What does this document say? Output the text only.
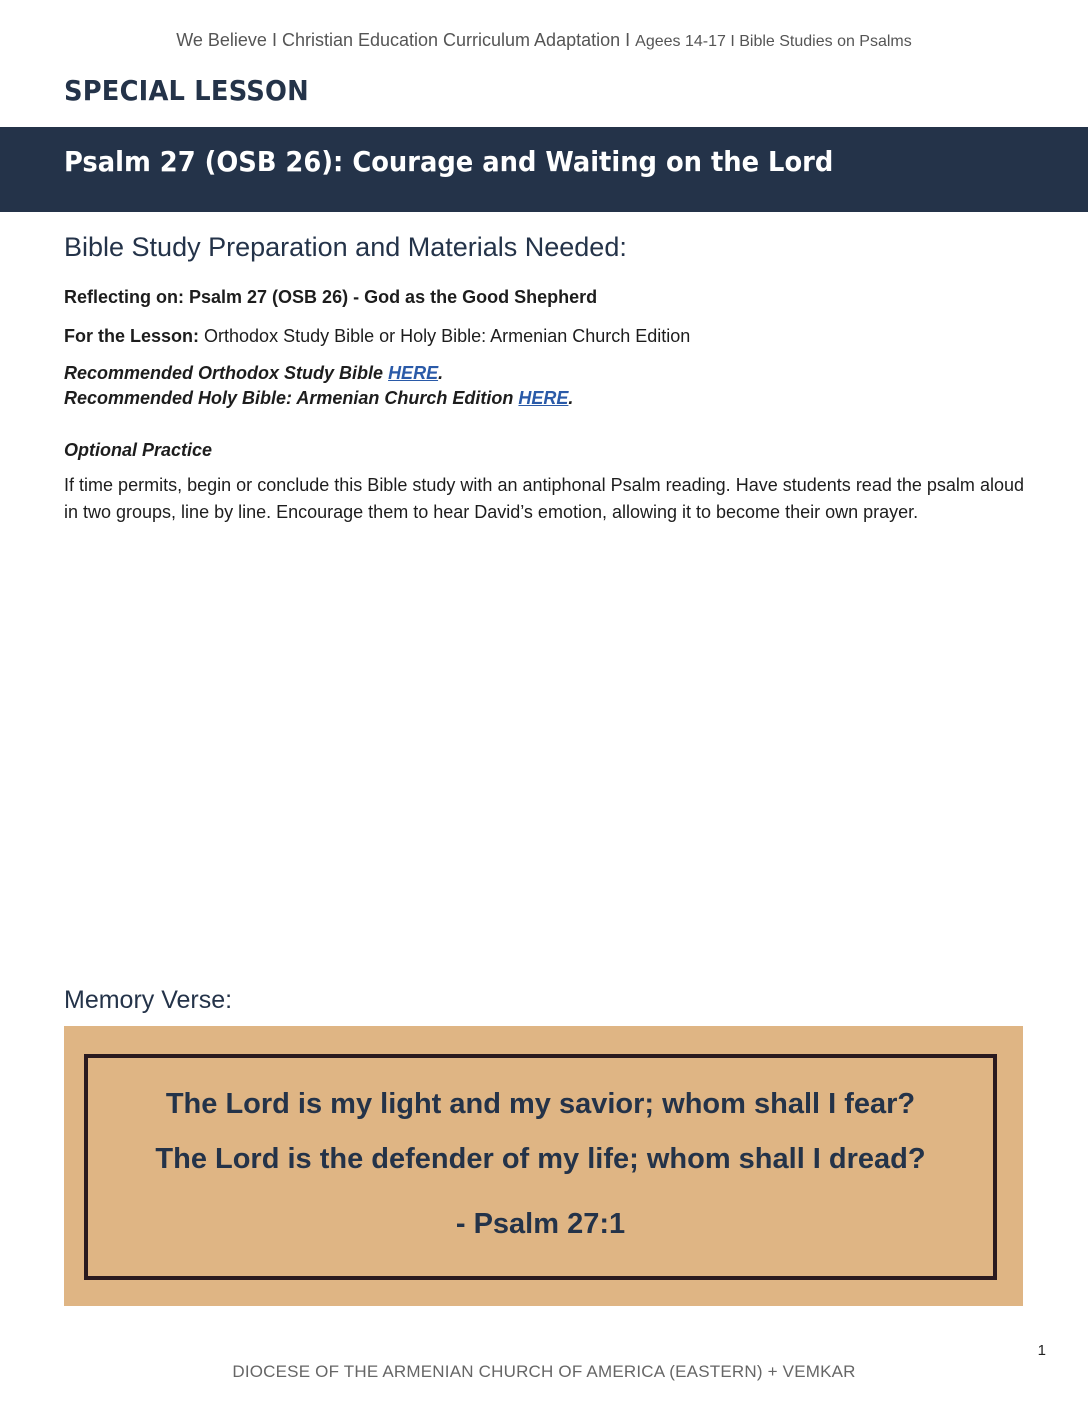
We Believe I Christian Education Curriculum Adaptation I Agees 14-17 I Bible Studies on Psalms
SPECIAL LESSON
Psalm 27 (OSB 26): Courage and Waiting on the Lord
Bible Study Preparation and Materials Needed:
Reflecting on: Psalm 27 (OSB 26) - God as the Good Shepherd
For the Lesson: Orthodox Study Bible or Holy Bible: Armenian Church Edition
Recommended Orthodox Study Bible HERE.
Recommended Holy Bible: Armenian Church Edition HERE.
Optional Practice
If time permits, begin or conclude this Bible study with an antiphonal Psalm reading. Have students read the psalm aloud in two groups, line by line. Encourage them to hear David’s emotion, allowing it to become their own prayer.
Memory Verse:
The Lord is my light and my savior; whom shall I fear?
The Lord is the defender of my life; whom shall I dread?
- Psalm 27:1
1
DIOCESE OF THE ARMENIAN CHURCH OF AMERICA (EASTERN) + VEMKAR
